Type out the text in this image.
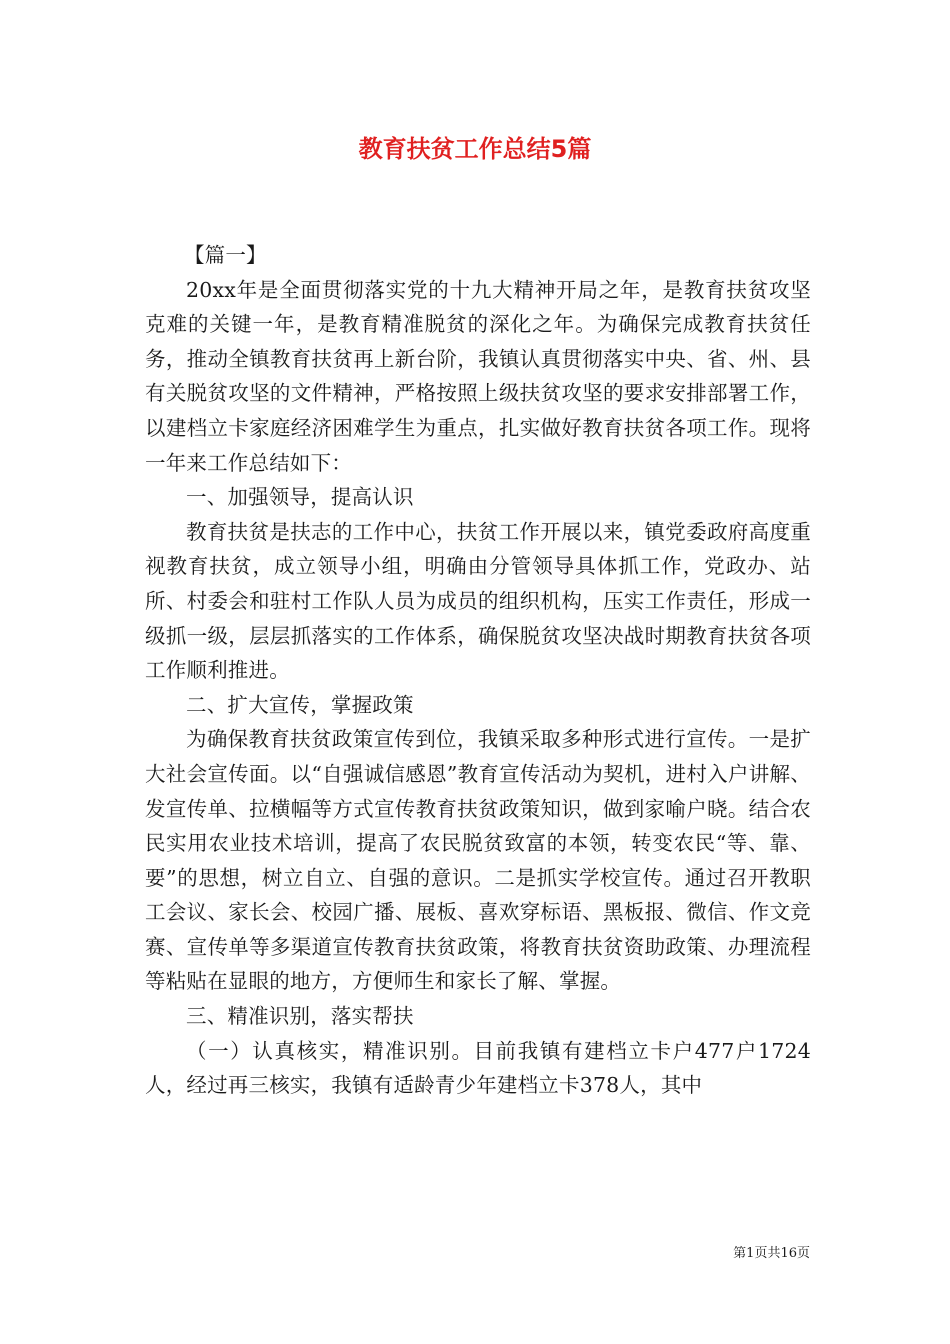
教育扶贫工作总结5篇

【篇一】

20xx年是全面贯彻落实党的十九大精神开局之年，是教育扶贫攻坚克难的关键一年，是教育精准脱贫的深化之年。为确保完成教育扶贫任务，推动全镇教育扶贫再上新台阶，我镇认真贯彻落实中央、省、州、县有关脱贫攻坚的文件精神，严格按照上级扶贫攻坚的要求安排部署工作，以建档立卡家庭经济困难学生为重点，扎实做好教育扶贫各项工作。现将一年来工作总结如下：

一、加强领导，提高认识

教育扶贫是扶志的工作中心，扶贫工作开展以来，镇党委政府高度重视教育扶贫，成立领导小组，明确由分管领导具体抓工作，党政办、站所、村委会和驻村工作队人员为成员的组织机构，压实工作责任，形成一级抓一级，层层抓落实的工作体系，确保脱贫攻坚决战时期教育扶贫各项工作顺利推进。

二、扩大宣传，掌握政策

为确保教育扶贫政策宣传到位，我镇采取多种形式进行宣传。一是扩大社会宣传面。以“自强诚信感恩”教育宣传活动为契机，进村入户讲解、发宣传单、拉横幅等方式宣传教育扶贫政策知识，做到家喻户晓。结合农民实用农业技术培训，提高了农民脱贫致富的本领，转变农民“等、靠、要”的思想，树立自立、自强的意识。二是抓实学校宣传。通过召开教职工会议、家长会、校园广播、展板、喜欢穿标语、黑板报、微信、作文竞赛、宣传单等多渠道宣传教育扶贫政策，将教育扶贫资助政策、办理流程等粘贴在显眼的地方，方便师生和家长了解、掌握。

三、精准识别，落实帮扶

（一）认真核实，精准识别。目前我镇有建档立卡户477户1724人，经过再三核实，我镇有适龄青少年建档立卡378人，其中

第1页共16页
